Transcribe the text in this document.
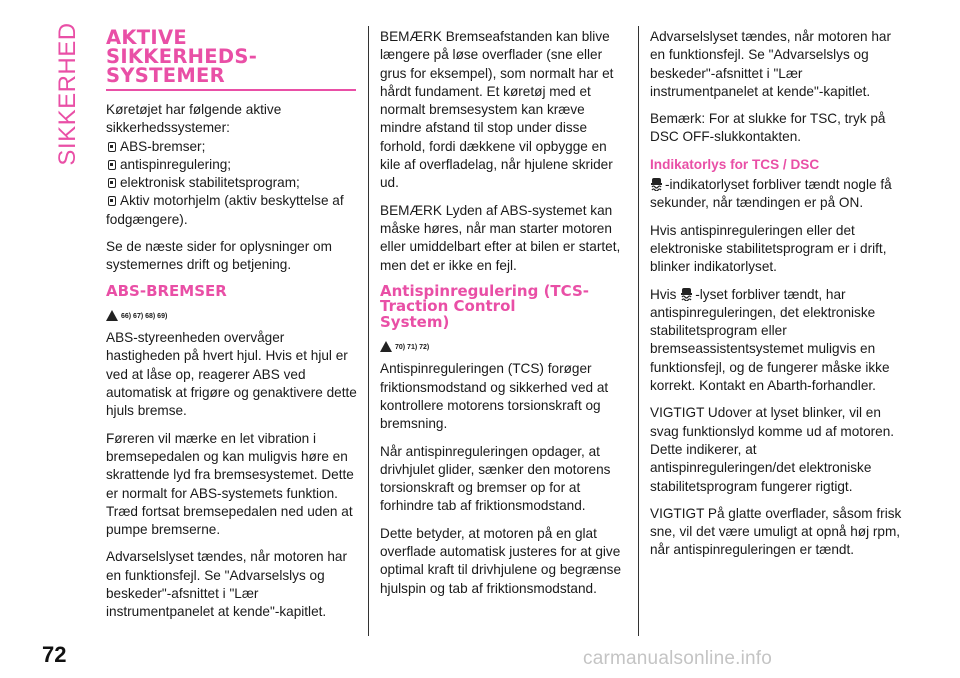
SIKKERHED AKTIVE
SIKKERHEDS-
SYSTEMER

Køretøjet har følgende aktive sikkerhedssystemer:

ABS-bremser;
antispinregulering;
elektronisk stabilitetsprogram;
Aktiv motorhjelm (aktiv beskyttelse af fodgængere).

Se de næste sider for oplysninger om systemernes drift og betjening.

ABS-BREMSER
66) 67) 68) 69)

ABS-styreenheden overvåger hastigheden på hvert hjul. Hvis et hjul er ved at låse op, reagerer ABS ved automatisk at frigøre og genaktivere dette hjuls bremse.

Føreren vil mærke en let vibration i bremsepedalen og kan muligvis høre en skrattende lyd fra bremsesystemet. Dette er normalt for ABS-systemets funktion. Træd fortsat bremsepedalen ned uden at pumpe bremserne.

Advarselslyset tændes, når motoren har en funktionsfejl. Se "Advarselslys og beskeder"-afsnittet i "Lær instrumentpanelet at kende"-kapitlet.

BEMÆRK Bremseafstanden kan blive længere på løse overflader (sne eller grus for eksempel), som normalt har et hårdt fundament. Et køretøj med et normalt bremsesystem kan kræve mindre afstand til stop under disse forhold, fordi dækkene vil opbygge en kile af overfladelag, når hjulene skrider ud.

BEMÆRK Lyden af ABS-systemet kan måske høres, når man starter motoren eller umiddelbart efter at bilen er startet, men det er ikke en fejl.

Antispinregulering (TCS-
Traction Control
System)
70) 71) 72)

Antispinreguleringen (TCS) forøger friktionsmodstand og sikkerhed ved at kontrollere motorens torsionskraft og bremsning.

Når antispinreguleringen opdager, at drivhjulet glider, sænker den motorens torsionskraft og bremser op for at forhindre tab af friktionsmodstand.

Dette betyder, at motoren på en glat overflade automatisk justeres for at give optimal kraft til drivhjulene og begrænse hjulspin og tab af friktionsmodstand.

Advarselslyset tændes, når motoren har en funktionsfejl. Se "Advarselslys og beskeder"-afsnittet i "Lær instrumentpanelet at kende"-kapitlet.

Bemærk: For at slukke for TSC, tryk på DSC OFF-slukkontakten.

Indikatorlys for TCS / DSC

-indikatorlyset forbliver tændt nogle få sekunder, når tændingen er på ON.

Hvis antispinreguleringen eller det elektroniske stabilitetsprogram er i drift, blinker indikatorlyset.

Hvis -lyset forbliver tændt, har antispinreguleringen, det elektroniske stabilitetsprogram eller bremseassistentsystemet muligvis en funktionsfejl, og de fungerer måske ikke korrekt. Kontakt en Abarth-forhandler.

VIGTIGT Udover at lyset blinker, vil en svag funktionslyd komme ud af motoren. Dette indikerer, at antispinreguleringen/det elektroniske stabilitetsprogram fungerer rigtigt.

VIGTIGT På glatte overflader, såsom frisk sne, vil det være umuligt at opnå høj rpm, når antispinreguleringen er tændt.

72	carmanualsonline.info
